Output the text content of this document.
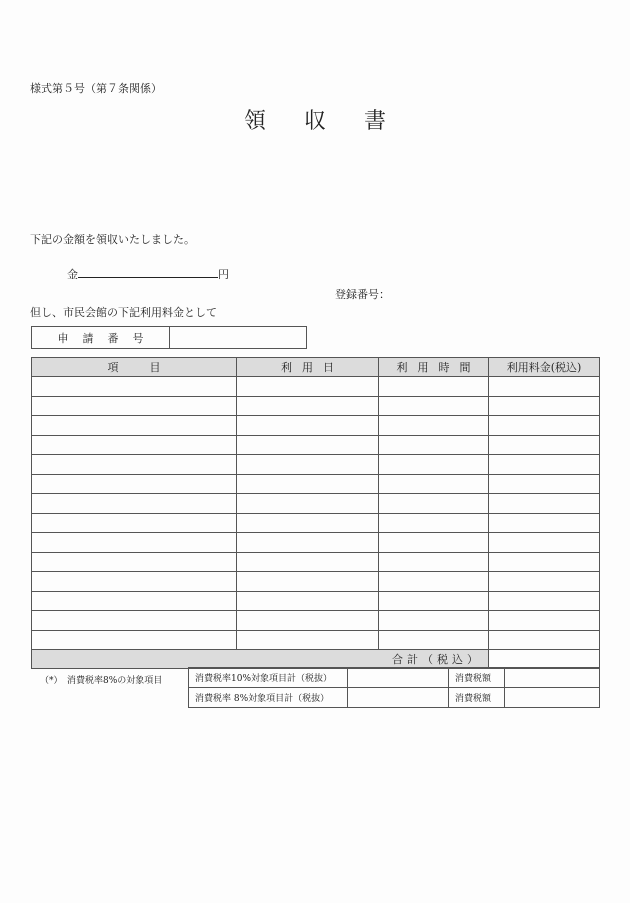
様式第５号（第７条関係）
領収書
下記の金額を領収いたしました。
金	円
登録番号：
但し、市民会館の下記利用料金として
申請番号	
項　目	利用日	利用時間	利用料金(税込)

合計（税込）			
（*）　消費税率8%の対象項目	消費税率10%対象項目計（税抜）		消費税額	
消費税率 8%対象項目計（税抜）		消費税額	
